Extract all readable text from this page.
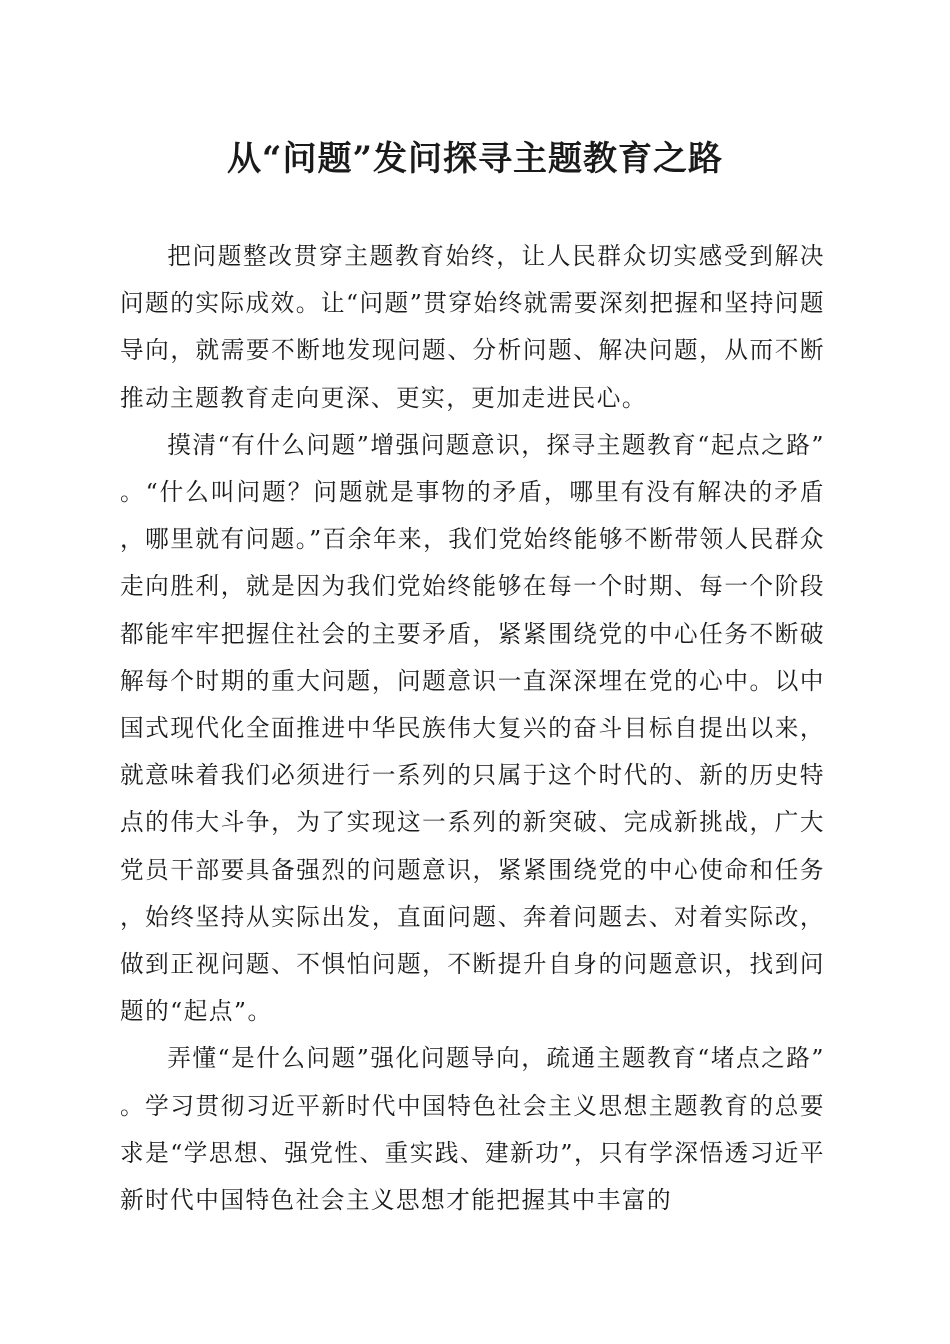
从“问题”发问探寻主题教育之路

把问题整改贯穿主题教育始终，让人民群众切实感受到解决问题的实际成效。让“问题”贯穿始终就需要深刻把握和坚持问题导向，就需要不断地发现问题、分析问题、解决问题，从而不断推动主题教育走向更深、更实，更加走进民心。

摸清“有什么问题”增强问题意识，探寻主题教育“起点之路”。“什么叫问题？问题就是事物的矛盾，哪里有没有解决的矛盾，哪里就有问题。”百余年来，我们党始终能够不断带领人民群众走向胜利，就是因为我们党始终能够在每一个时期、每一个阶段都能牢牢把握住社会的主要矛盾，紧紧围绕党的中心任务不断破解每个时期的重大问题，问题意识一直深深埋在党的心中。以中国式现代化全面推进中华民族伟大复兴的奋斗目标自提出以来，就意味着我们必须进行一系列的只属于这个时代的、新的历史特点的伟大斗争，为了实现这一系列的新突破、完成新挑战，广大党员干部要具备强烈的问题意识，紧紧围绕党的中心使命和任务，始终坚持从实际出发，直面问题、奔着问题去、对着实际改，做到正视问题、不惧怕问题，不断提升自身的问题意识，找到问题的“起点”。

弄懂“是什么问题”强化问题导向，疏通主题教育“堵点之路”。学习贯彻习近平新时代中国特色社会主义思想主题教育的总要求是“学思想、强党性、重实践、建新功”，只有学深悟透习近平新时代中国特色社会主义思想才能把握其中丰富的
